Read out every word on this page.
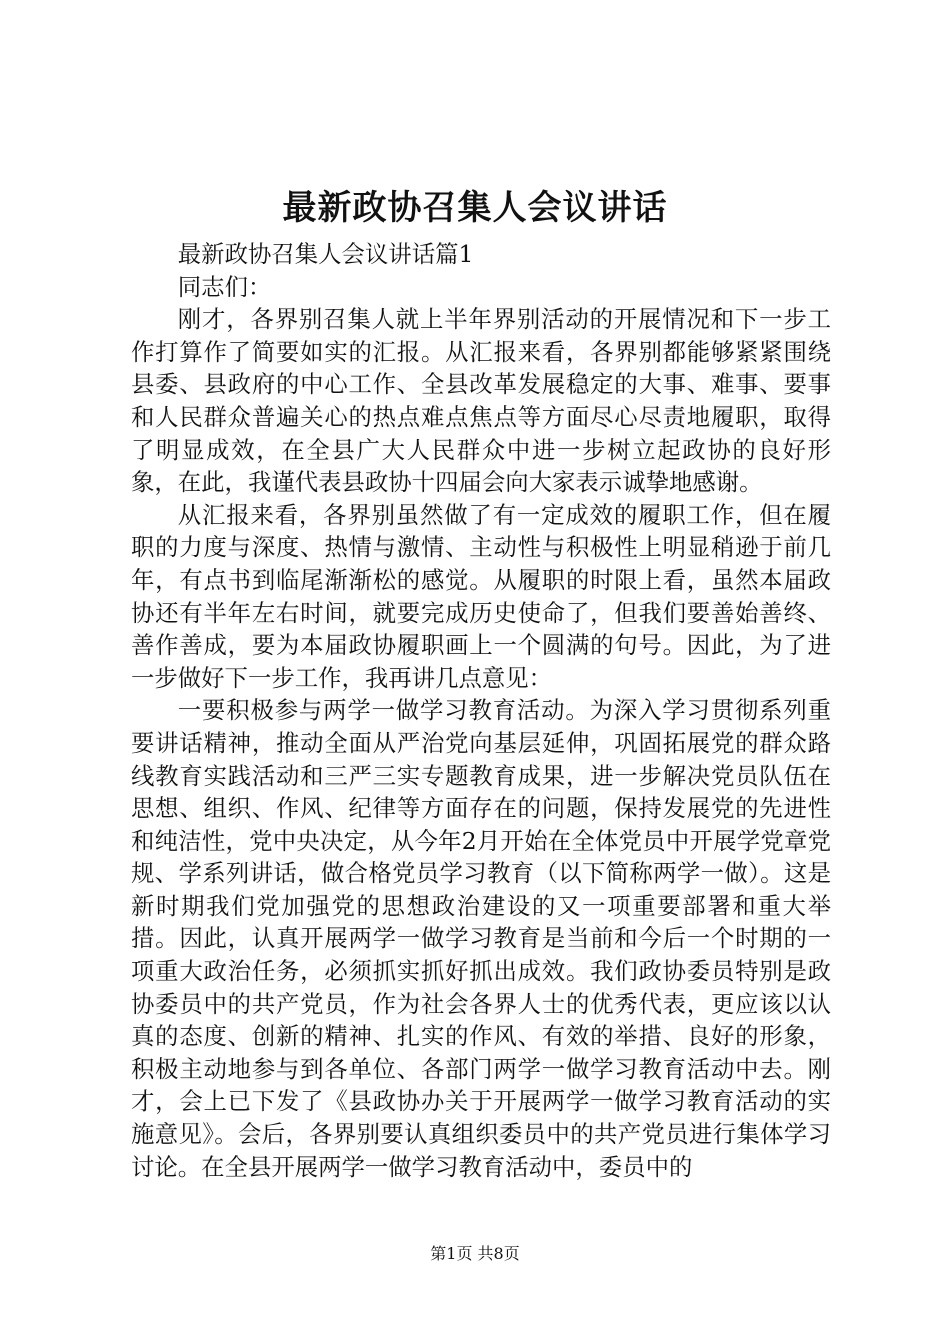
最新政协召集人会议讲话

最新政协召集人会议讲话篇1

同志们：

刚才，各界别召集人就上半年界别活动的开展情况和下一步工作打算作了简要如实的汇报。从汇报来看，各界别都能够紧紧围绕县委、县政府的中心工作、全县改革发展稳定的大事、难事、要事和人民群众普遍关心的热点难点焦点等方面尽心尽责地履职，取得了明显成效，在全县广大人民群众中进一步树立起政协的良好形象，在此，我谨代表县政协十四届会向大家表示诚挚地感谢。

从汇报来看，各界别虽然做了有一定成效的履职工作，但在履职的力度与深度、热情与激情、主动性与积极性上明显稍逊于前几年，有点书到临尾渐渐松的感觉。从履职的时限上看，虽然本届政协还有半年左右时间，就要完成历史使命了，但我们要善始善终、善作善成，要为本届政协履职画上一个圆满的句号。因此，为了进一步做好下一步工作，我再讲几点意见：

一要积极参与两学一做学习教育活动。为深入学习贯彻系列重要讲话精神，推动全面从严治党向基层延伸，巩固拓展党的群众路线教育实践活动和三严三实专题教育成果，进一步解决党员队伍在思想、组织、作风、纪律等方面存在的问题，保持发展党的先进性和纯洁性，党中央决定，从今年2月开始在全体党员中开展学党章党规、学系列讲话，做合格党员学习教育（以下简称两学一做）。这是新时期我们党加强党的思想政治建设的又一项重要部署和重大举措。因此，认真开展两学一做学习教育是当前和今后一个时期的一项重大政治任务，必须抓实抓好抓出成效。我们政协委员特别是政协委员中的共产党员，作为社会各界人士的优秀代表，更应该以认真的态度、创新的精神、扎实的作风、有效的举措、良好的形象，积极主动地参与到各单位、各部门两学一做学习教育活动中去。刚才，会上已下发了《县政协办关于开展两学一做学习教育活动的实施意见》。会后，各界别要认真组织委员中的共产党员进行集体学习讨论。在全县开展两学一做学习教育活动中，委员中的

第1页 共8页
